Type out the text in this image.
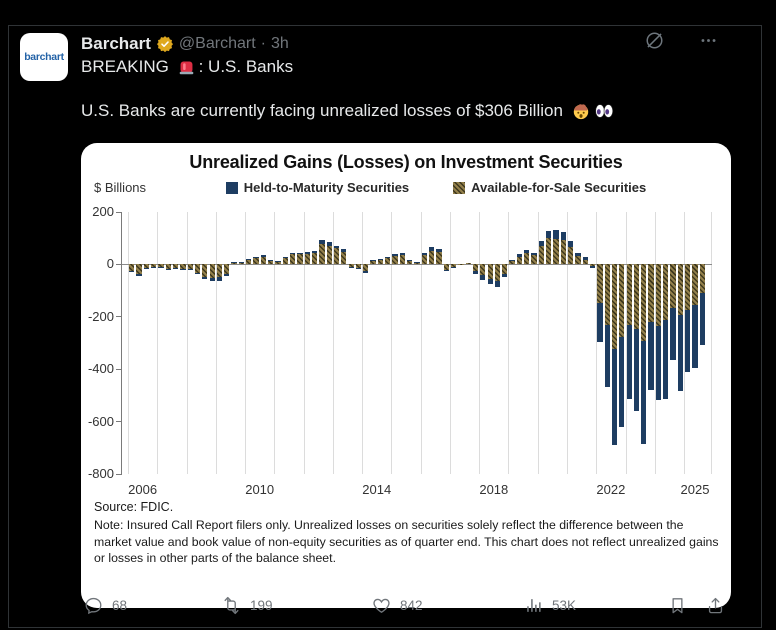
barchart
Barchart @Barchart · 3h
BREAKING : U.S. Banks
U.S. Banks are currently facing unrealized losses of $306 Billion
Unrealized Gains (Losses) on Investment Securities
$ Billions	Held-to-Maturity Securities	Available-for-Sale Securities
200
0
-200
-400
-600
-800
2006	2010	2014	2018	2022	2025
Source: FDIC.
Note: Insured Call Report filers only. Unrealized losses on securities solely reflect the difference between the market value and book value of non-equity securities as of quarter end. This chart does not reflect unrealized gains or losses in other parts of the balance sheet.
68	199	842	53K
